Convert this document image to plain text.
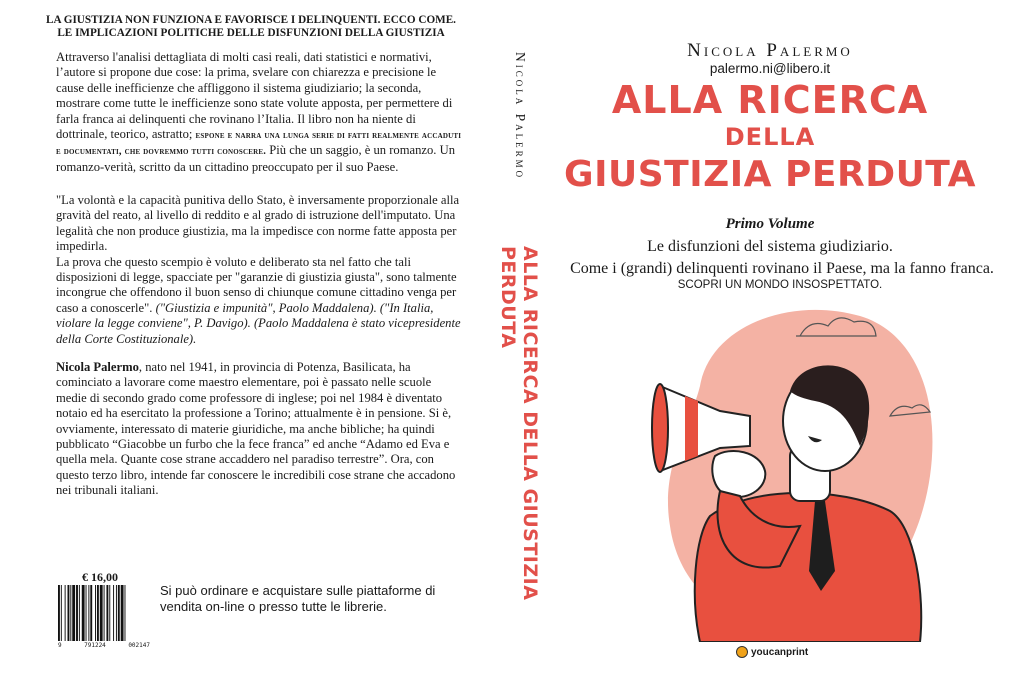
LA GIUSTIZIA NON FUNZIONA E FAVORISCE I DELINQUENTI. ECCO COME.
LE IMPLICAZIONI POLITICHE DELLE DISFUNZIONI DELLA GIUSTIZIA
Attraverso l'analisi dettagliata di molti casi reali, dati statistici e normativi, l’autore si propone due cose: la prima, svelare con chiarezza e precisione le cause delle inefficienze che affliggono il sistema giudiziario; la seconda, mostrare come tutte le inefficienze sono state volute apposta, per permettere di farla franca ai delinquenti che rovinano l’Italia. Il libro non ha niente di dottrinale, teorico, astratto; espone e narra una lunga serie di fatti realmente accaduti e documentati, che dovremmo tutti conoscere. Più che un saggio, è un romanzo. Un romanzo-verità, scritto da un cittadino preoccupato per il suo Paese.
"La volontà e la capacità punitiva dello Stato, è inversamente proporzionale alla gravità del reato, al livello di reddito e al grado di istruzione dell'imputato. Una legalità che non produce giustizia, ma la impedisce con norme fatte apposta per impedirla.
La prova che questo scempio è voluto e deliberato sta nel fatto che tali disposizioni di legge, spacciate per "garanzie di giustizia giusta", sono talmente incongrue che offendono il buon senso di chiunque comune cittadino venga per caso a conoscerle". ("Giustizia e impunità", Paolo Maddalena). ("In Italia, violare la legge conviene", P. Davigo). (Paolo Maddalena è stato vicepresidente della Corte Costituzionale).
Nicola Palermo, nato nel 1941, in provincia di Potenza, Basilicata, ha cominciato a lavorare come maestro elementare, poi è passato nelle scuole medie di secondo grado come professore di inglese; poi nel 1984 è diventato notaio ed ha esercitato la professione a Torino; attualmente è in pensione. Si è, ovviamente, interessato di materie giuridiche, ma anche bibliche; ha quindi pubblicato “Giacobbe un furbo che la fece franca” ed anche “Adamo ed Eva e quella mela. Quante cose strane accaddero nel paradiso terrestre”. Ora, con questo terzo libro, intende far conoscere le incredibili cose strane che accadono nei tribunali italiani.
€ 16,00
9	791224	002147
Si può ordinare e acquistare sulle piattaforme di vendita on-line o presso tutte le librerie.
Nicola Palermo
ALLA RICERCA DELLA GIUSTIZIA PERDUTA
Nicola Palermo
palermo.ni@libero.it
ALLA RICERCA
DELLA
GIUSTIZIA PERDUTA
Primo Volume
Le disfunzioni del sistema giudiziario.
Come i (grandi) delinquenti rovinano il Paese, ma la fanno franca.
SCOPRI UN MONDO INSOSPETTATO.
youcanprint
